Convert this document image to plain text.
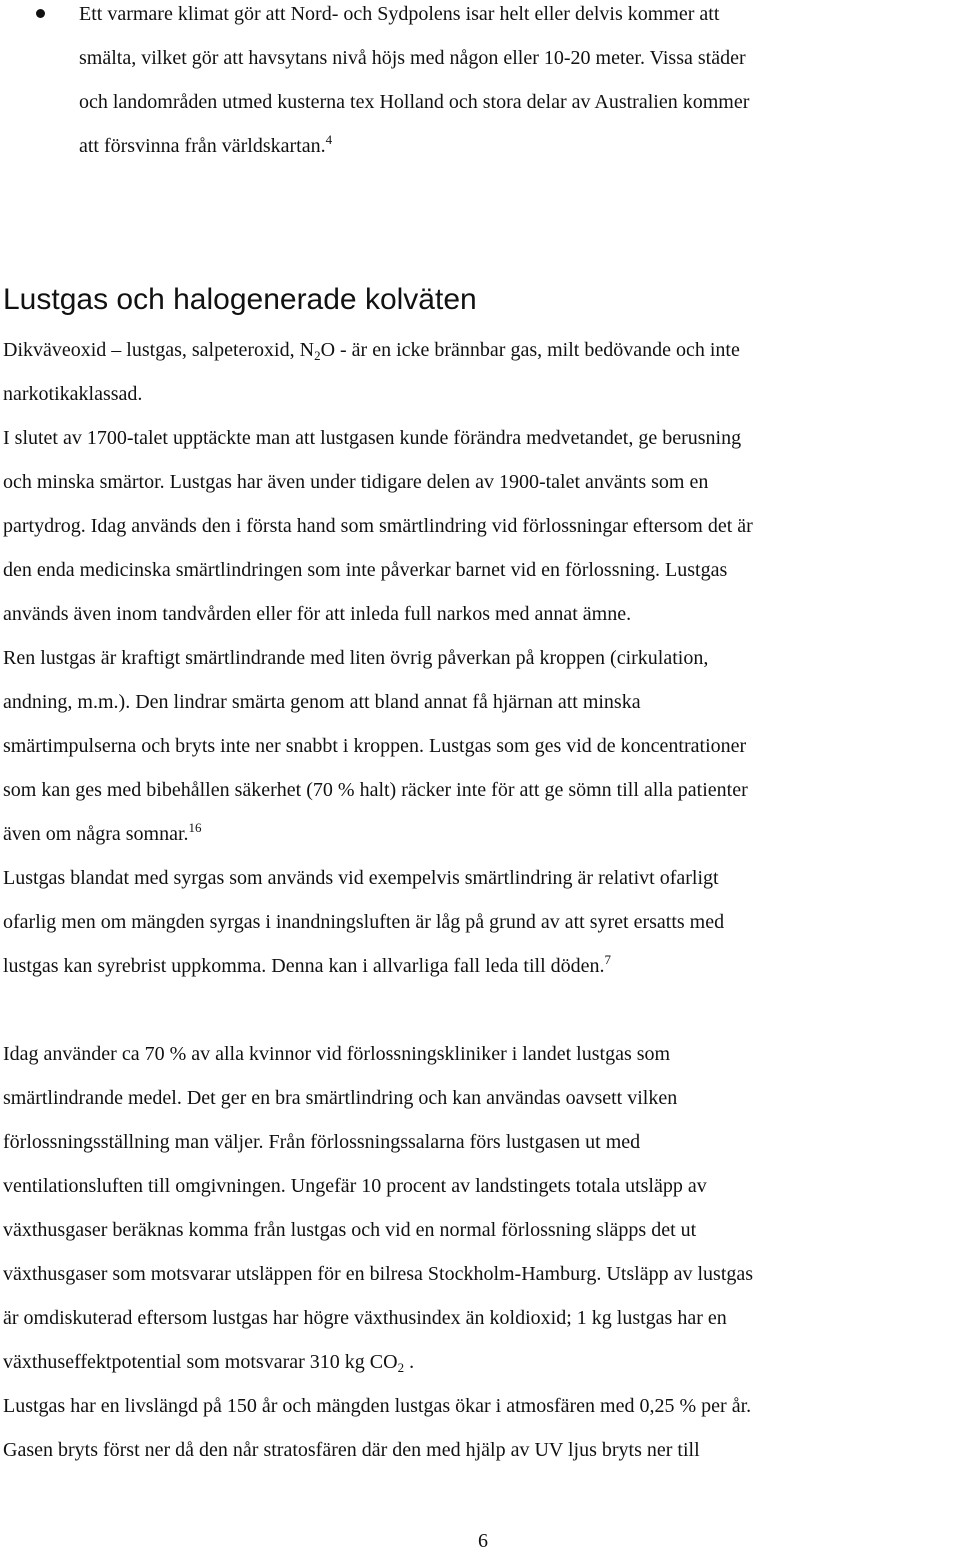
Ett varmare klimat gör att Nord- och Sydpolens isar helt eller delvis kommer att
smälta, vilket gör att havsytans nivå höjs med någon eller 10-20 meter. Vissa städer
och landområden utmed kusterna tex Holland och stora delar av Australien kommer
att försvinna från världskartan.$^4$
Lustgas och halogenerade kolväten
Dikväveoxid – lustgas, salpeteroxid, $N_2O$ - är en icke brännbar gas, milt bedövande och inte
narkotikaklassad.
I slutet av 1700-talet upptäckte man att lustgasen kunde förändra medvetandet, ge berusning
och minska smärtor. Lustgas har även under tidigare delen av 1900-talet använts som en
partydrog. Idag används den i första hand som smärtlindring vid förlossningar eftersom det är
den enda medicinska smärtlindringen som inte påverkar barnet vid en förlossning. Lustgas
används även inom tandvården eller för att inleda full narkos med annat ämne.
Ren lustgas är kraftigt smärtlindrande med liten övrig påverkan på kroppen (cirkulation,
andning, m.m.). Den lindrar smärta genom att bland annat få hjärnan att minska
smärtimpulserna och bryts inte ner snabbt i kroppen. Lustgas som ges vid de koncentrationer
som kan ges med bibehållen säkerhet (70 % halt) räcker inte för att ge sömn till alla patienter
även om några somnar.$^{16}$
Lustgas blandat med syrgas som används vid exempelvis smärtlindring är relativt ofarligt
ofarlig men om mängden syrgas i inandningsluften är låg på grund av att syret ersatts med
lustgas kan syrebrist uppkomma. Denna kan i allvarliga fall leda till döden.$^7$
Idag använder ca 70 % av alla kvinnor vid förlossningskliniker i landet lustgas som
smärtlindrande medel. Det ger en bra smärtlindring och kan användas oavsett vilken
förlossningsställning man väljer. Från förlossningssalarna förs lustgasen ut med
ventilationsluften till omgivningen. Ungefär 10 procent av landstingets totala utsläpp av
växthusgaser beräknas komma från lustgas och vid en normal förlossning släpps det ut
växthusgaser som motsvarar utsläppen för en bilresa Stockholm-Hamburg. Utsläpp av lustgas
är omdiskuterad eftersom lustgas har högre växthusindex än koldioxid; 1 kg lustgas har en
växthuseffektpotential som motsvarar 310 kg $CO_2$ .
Lustgas har en livslängd på 150 år och mängden lustgas ökar i atmosfären med 0,25 % per år.
Gasen bryts först ner då den når stratosfären där den med hjälp av UV ljus bryts ner till
6
